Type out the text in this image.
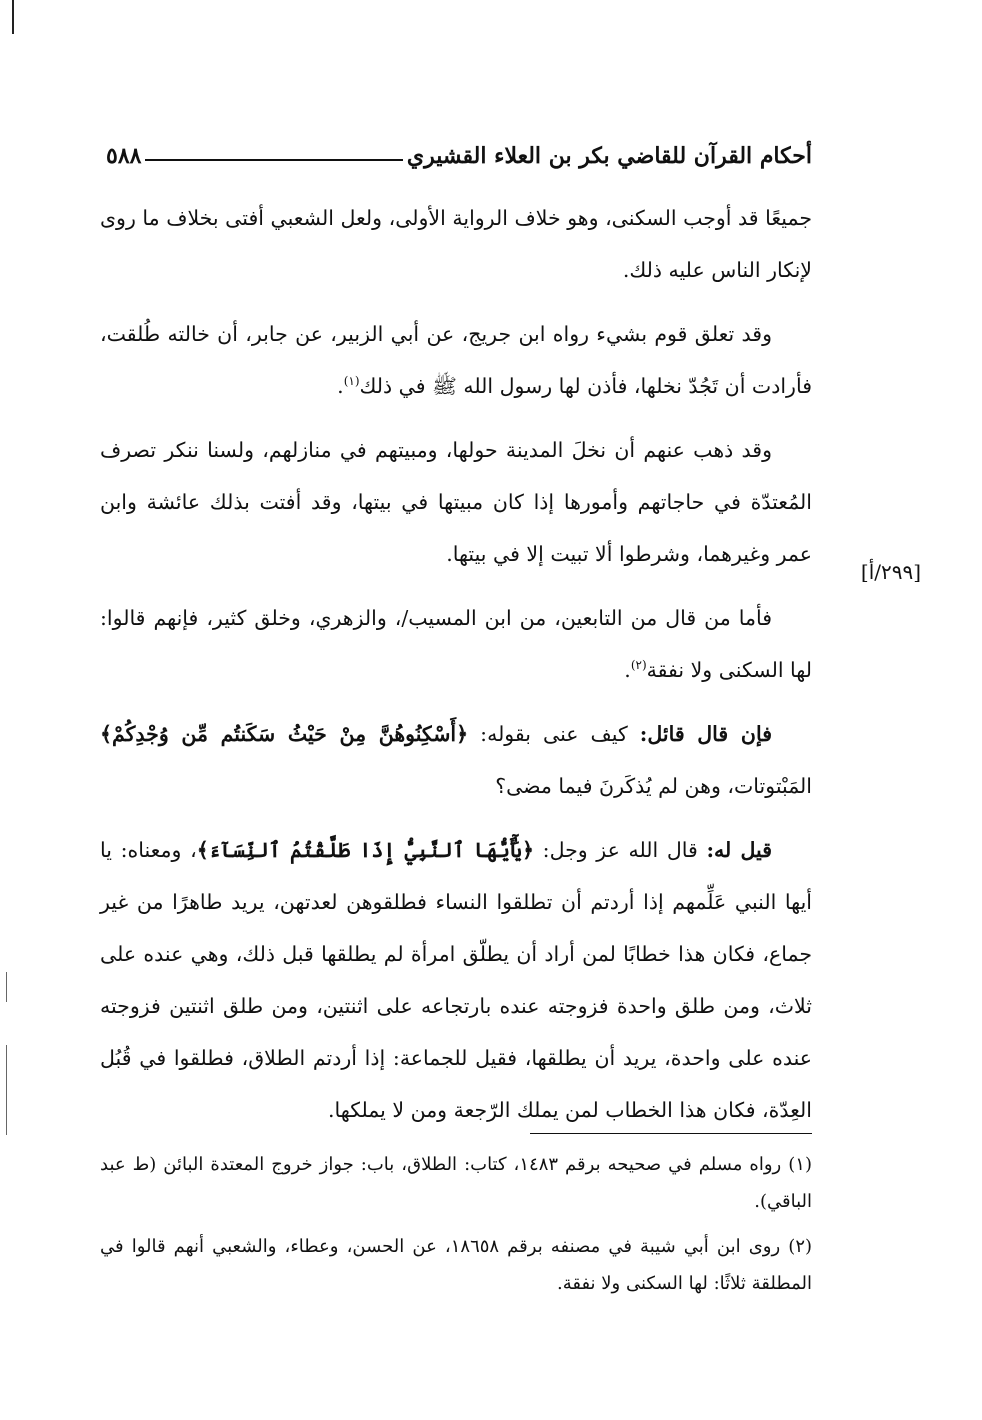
أحكام القرآن للقاضي بكر بن العلاء القشيري
٥٨٨
[٢٩٩/أ]

جميعًا قد أوجب السكنى، وهو خلاف الرواية الأولى، ولعل الشعبي أفتى بخلاف ما روى لإنكار الناس عليه ذلك.

وقد تعلق قوم بشيء رواه ابن جريج، عن أبي الزبير، عن جابر، أن خالته طُلقت، فأرادت أن تَجُدّ نخلها، فأذن لها رسول الله ﷺ في ذلك$^{(١)}$.

وقد ذهب عنهم أن نخلَ المدينة حولها، ومبيتهم في منازلهم، ولسنا ننكر تصرف المُعتدّة في حاجاتهم وأمورها إذا كان مبيتها في بيتها، وقد أفتت بذلك عائشة وابن عمر وغيرهما، وشرطوا ألا تبيت إلا في بيتها.

فأما من قال من التابعين، من ابن المسيب/، والزهري، وخلق كثير، فإنهم قالوا: لها السكنى ولا نفقة$^{(٢)}$.

فإن قال قائل: كيف عنى بقوله: ﴿أَسْكِنُوهُنَّ مِنْ حَيْثُ سَكَنتُم مِّن وُجْدِكُمْ﴾ المَبْتوتات، وهن لم يُذكَرنَ فيما مضى؟

قيل له: قال الله عز وجل: ﴿يَٰٓأَيُّهَا ٱلنَّبِيُّ إِذَا طَلَّقْتُمُ ٱلنِّسَآءَ﴾، ومعناه: يا أيها النبي عَلِّمهم إذا أردتم أن تطلقوا النساء فطلقوهن لعدتهن، يريد طاهرًا من غير جماع، فكان هذا خطابًا لمن أراد أن يطلّق امرأة لم يطلقها قبل ذلك، وهي عنده على ثلاث، ومن طلق واحدة فزوجته عنده بارتجاعه على اثنتين، ومن طلق اثنتين فزوجته عنده على واحدة، يريد أن يطلقها، فقيل للجماعة: إذا أردتم الطلاق، فطلقوا في قُبُل العِدّة، فكان هذا الخطاب لمن يملك الرّجعة ومن لا يملكها.

(١) رواه مسلم في صحيحه برقم ١٤٨٣، كتاب: الطلاق، باب: جواز خروج المعتدة البائن (ط عبد الباقي).

(٢) روى ابن أبي شيبة في مصنفه برقم ١٨٦٥٨، عن الحسن، وعطاء، والشعبي أنهم قالوا في المطلقة ثلاثًا: لها السكنى ولا نفقة.
